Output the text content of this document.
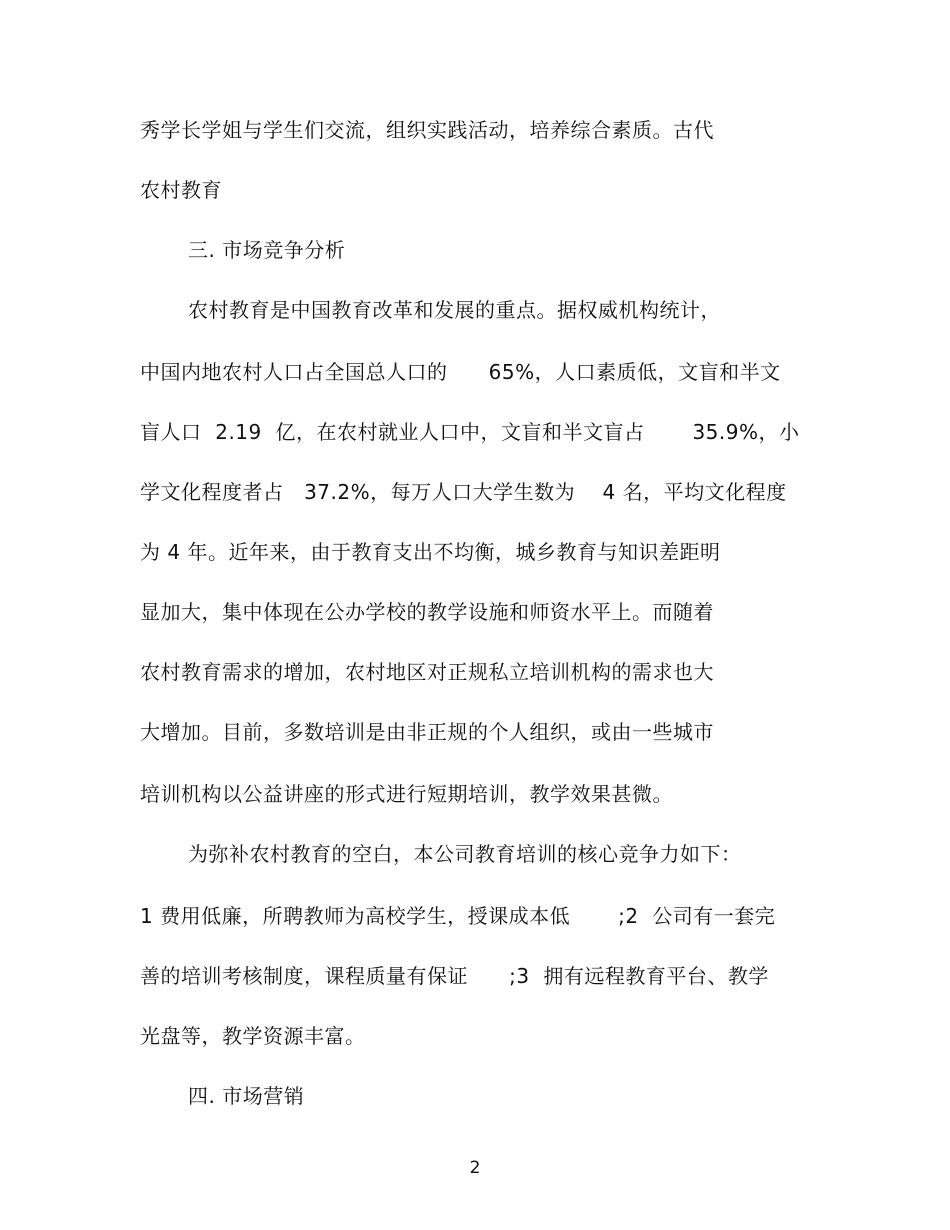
秀学长学姐与学生们交流，组织实践活动，培养综合素质。古代
农村教育
三. 市场竞争分析
农村教育是中国教育改革和发展的重点。据权威机构统计，
中国内地农村人口占全国总人口的      65%，人口素质低，文盲和半文
盲人口  2.19  亿，在农村就业人口中，文盲和半文盲占       35.9%，小
学文化程度者占   37.2%，每万人口大学生数为    4 名，平均文化程度
为 4 年。近年来，由于教育支出不均衡，城乡教育与知识差距明
显加大，集中体现在公办学校的教学设施和师资水平上。而随着
农村教育需求的增加，农村地区对正规私立培训机构的需求也大
大增加。目前，多数培训是由非正规的个人组织，或由一些城市
培训机构以公益讲座的形式进行短期培训，教学效果甚微。
为弥补农村教育的空白，本公司教育培训的核心竞争力如下：
1 费用低廉，所聘教师为高校学生，授课成本低       ;2  公司有一套完
善的培训考核制度，课程质量有保证      ;3  拥有远程教育平台、教学
光盘等，教学资源丰富。
四. 市场营销
2
